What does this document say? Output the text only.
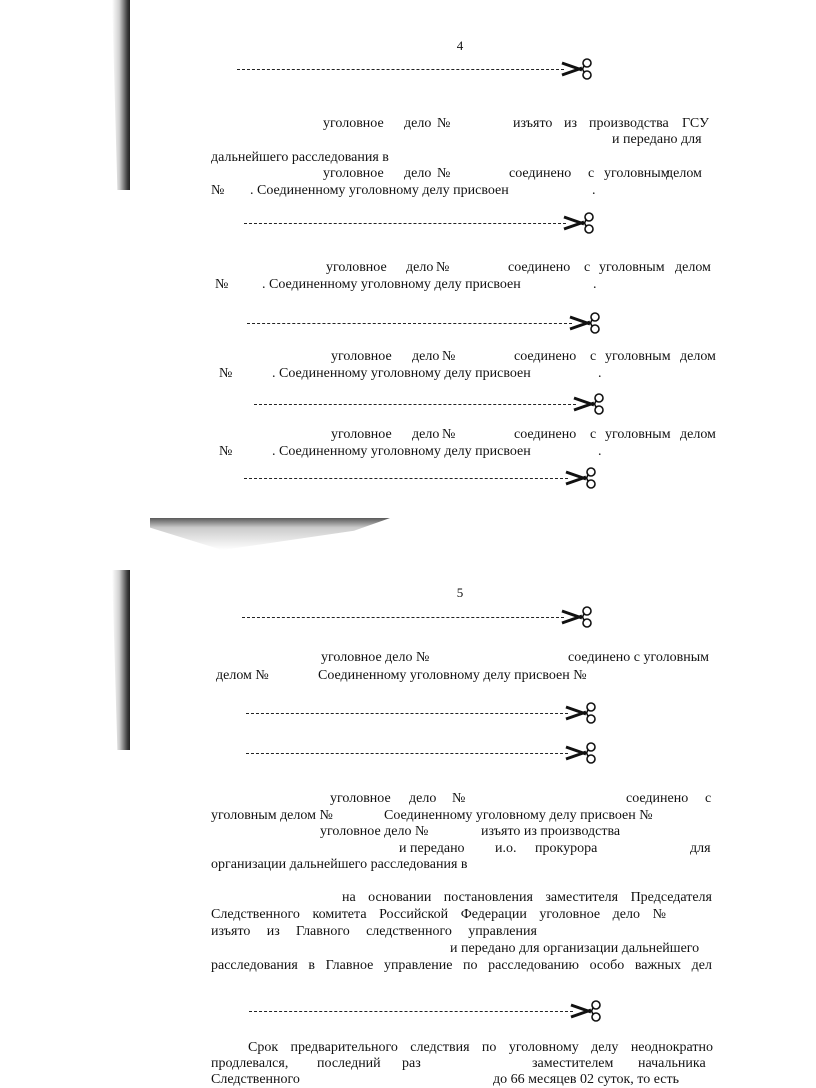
4
уголовное дело №	изъято из производства ГСУ
и передано для
дальнейшего расследования в
уголовное дело №	соединено с уголовным
делом
№ . Соединенному уголовному делу присвоен	.
уголовное дело №	соединено с уголовным делом
№ . Соединенному уголовному делу присвоен	.
уголовное дело №	соединено с уголовным делом
№	. Соединенному уголовному делу присвоен	.
уголовное дело №	соединено с уголовным делом
№	. Соединенному уголовному делу присвоен	.
5
уголовное дело №	соединено с уголовным
делом №	Соединенному уголовному делу присвоен №
уголовное дело №	соединено с
уголовным делом №	Соединенному уголовному делу присвоен №
уголовное дело №	изъято из производства
и передано и.о. прокурора	для
организации дальнейшего расследования в
на основании постановления заместителя Председателя
Следственного комитета Российской Федерации уголовное дело №
изъято из Главного следственного управления
и передано для организации дальнейшего
расследования в Главное управление по расследованию особо важных дел
Срок предварительного следствия по уголовному делу неоднократно
продлевался, последний раз	заместителем начальника
Следственного	до 66 месяцев 02 суток, то есть
